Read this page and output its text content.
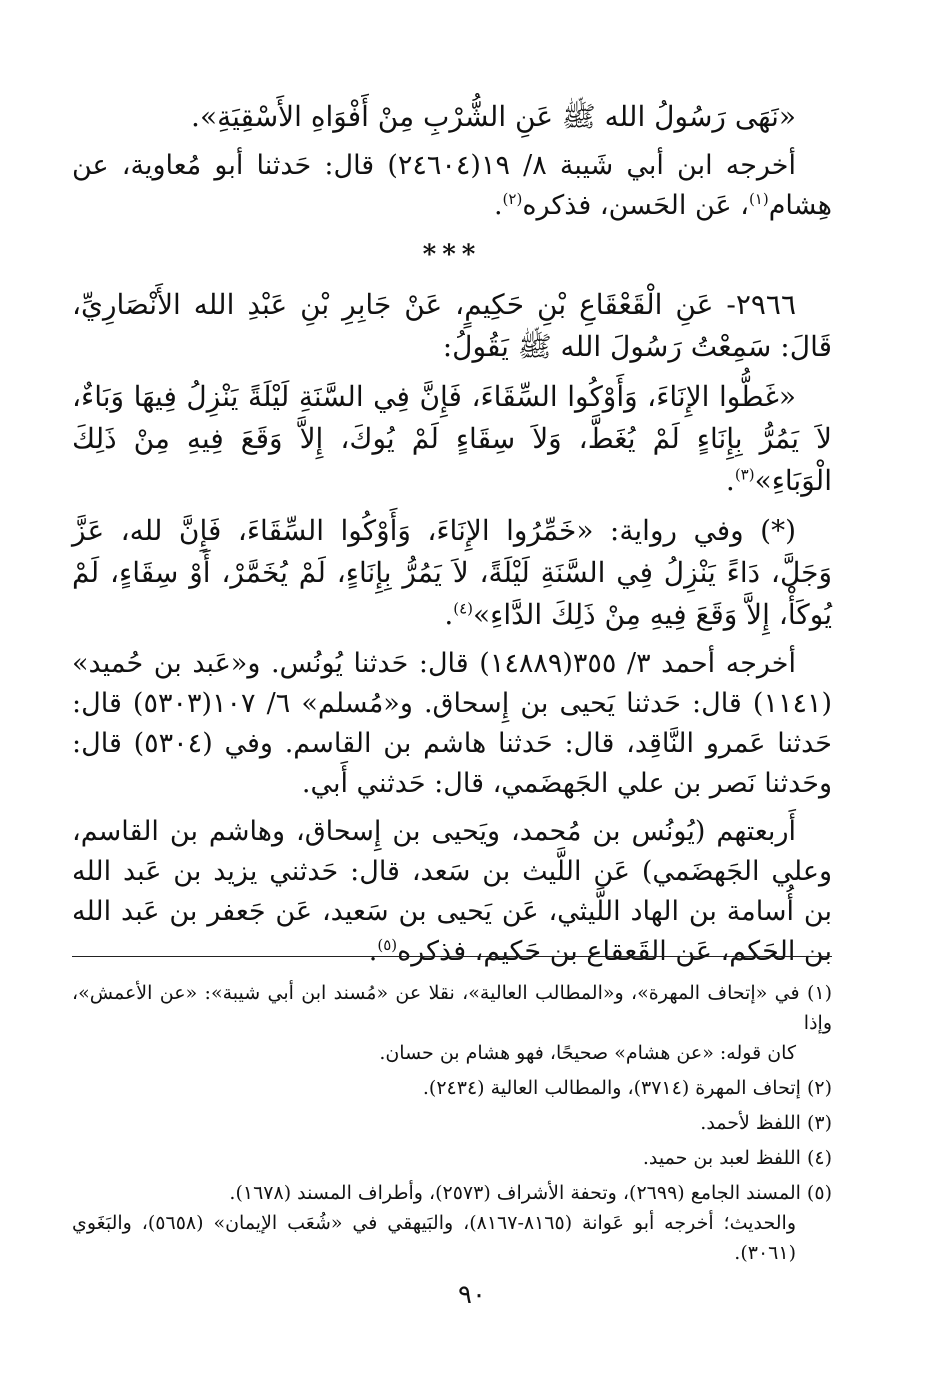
«نَهَى رَسُولُ الله ﷺ عَنِ الشُّرْبِ مِنْ أَفْوَاهِ الأَسْقِيَةِ».

أخرجه ابن أبي شَيبة ٨/ ١٩(٢٤٦٠٤) قال: حَدثنا أبو مُعاوية، عن هِشام$^{(١)}$، عَن الحَسن، فذكره$^{(٢)}$.

***

٢٩٦٦- عَنِ الْقَعْقَاعِ بْنِ حَكِيمٍ، عَنْ جَابِرِ بْنِ عَبْدِ الله الأَنْصَارِيِّ، قَالَ: سَمِعْتُ رَسُولَ الله ﷺ يَقُولُ:

«غَطُّوا الإِنَاءَ، وَأَوْكُوا السِّقَاءَ، فَإِنَّ فِي السَّنَةِ لَيْلَةً يَنْزِلُ فِيهَا وَبَاءٌ، لاَ يَمُرُّ بِإِنَاءٍ لَمْ يُغَطَّ، وَلاَ سِقَاءٍ لَمْ يُوكَ، إِلاَّ وَقَعَ فِيهِ مِنْ ذَلِكَ الْوَبَاءِ»$^{(٣)}$.

(*) وفي رواية: «خَمِّرُوا الإِنَاءَ، وَأَوْكُوا السِّقَاءَ، فَإِنَّ لله، عَزَّ وَجَلَّ، دَاءً يَنْزِلُ فِي السَّنَةِ لَيْلَةً، لاَ يَمُرُّ بِإِنَاءٍ، لَمْ يُخَمَّرْ، أَوْ سِقَاءٍ، لَمْ يُوكَأْ، إِلاَّ وَقَعَ فِيهِ مِنْ ذَلِكَ الدَّاءِ»$^{(٤)}$.

أخرجه أحمد ٣/ ٣٥٥(١٤٨٨٩) قال: حَدثنا يُونُس. و«عَبد بن حُميد» (١١٤١) قال: حَدثنا يَحيى بن إِسحاق. و«مُسلم» ٦/ ١٠٧(٥٣٠٣) قال: حَدثنا عَمرو النَّاقِد، قال: حَدثنا هاشم بن القاسم. وفي (٥٣٠٤) قال: وحَدثنا نَصر بن علي الجَهضَمي، قال: حَدثني أَبي.

أَربعتهم (يُونُس بن مُحمد، ويَحيى بن إِسحاق، وهاشم بن القاسم، وعلي الجَهضَمي) عَن اللَّيث بن سَعد، قال: حَدثني يزيد بن عَبد الله بن أُسامة بن الهاد اللَّيثي، عَن يَحيى بن سَعيد، عَن جَعفر بن عَبد الله بن الحَكم، عَن القَعقاع بن حَكيم، فذكره$^{(٥)}$.

(١) في «إتحاف المهرة»، و«المطالب العالية»، نقلا عن «مُسند ابن أبي شيبة»: «عن الأعمش»، وإذا
كان قوله: «عن هشام» صحيحًا، فهو هشام بن حسان.

(٢) إتحاف المهرة (٣٧١٤)، والمطالب العالية (٢٤٣٤).

(٣) اللفظ لأحمد.

(٤) اللفظ لعبد بن حميد.

(٥) المسند الجامع (٢٦٩٩)، وتحفة الأشراف (٢٥٧٣)، وأطراف المسند (١٦٧٨).
والحديث؛ أخرجه أبو عَوانة (٨١٦٥-٨١٦٧)، والبَيهقي في «شُعَب الإيمان» (٥٦٥٨)، والبَغَوي (٣٠٦١).

٩٠
